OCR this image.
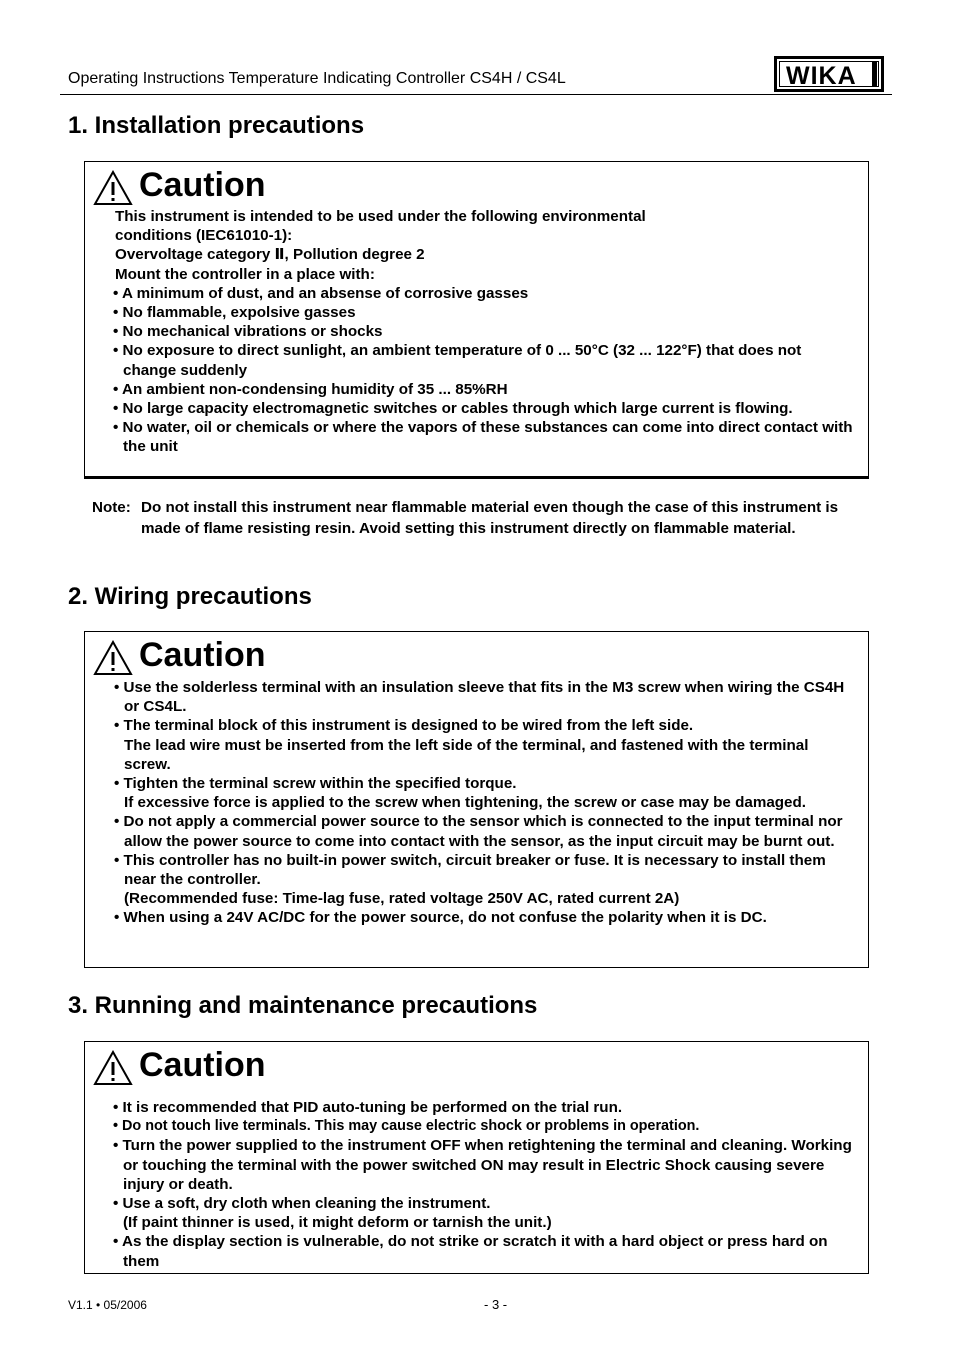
Operating Instructions Temperature Indicating Controller CS4H / CS4L	WIKA
1. Installation precautions
Caution
This instrument is intended to be used under the following environmental
conditions (IEC61010-1):
Overvoltage category Ⅱ, Pollution degree 2
Mount the controller in a place with:
• A minimum of dust, and an absense of corrosive gasses
• No flammable, expolsive gasses
• No mechanical vibrations or shocks
• No exposure to direct sunlight, an ambient temperature of 0 ... 50°C (32 ... 122°F) that does not change suddenly
• An ambient non-condensing humidity of 35 ... 85%RH
• No large capacity electromagnetic switches or cables through which large current is flowing.
• No water, oil or chemicals or where the vapors of these substances can come into direct contact with the unit
Note: Do not install this instrument near flammable material even though the case of this instrument is made of flame resisting resin. Avoid setting this instrument directly on flammable material.
2. Wiring precautions
Caution
• Use the solderless terminal with an insulation sleeve that fits in the M3 screw when wiring the CS4H or CS4L.
• The terminal block of this instrument is designed to be wired from the left side.
The lead wire must be inserted from the left side of the terminal, and fastened with the terminal screw.
• Tighten the terminal screw within the specified torque.
If excessive force is applied to the screw when tightening, the screw or case may be damaged.
• Do not apply a commercial power source to the sensor which is connected to the input terminal nor allow the power source to come into contact with the sensor, as the input circuit may be burnt out.
• This controller has no built-in power switch, circuit breaker or fuse. It is necessary to install them near the controller.
(Recommended fuse: Time-lag fuse, rated voltage 250V AC, rated current 2A)
• When using a 24V AC/DC for the power source, do not confuse the polarity when it is DC.
3. Running and maintenance precautions
Caution
• It is recommended that PID auto-tuning be performed on the trial run.
• Do not touch live terminals. This may cause electric shock or problems in operation.
• Turn the power supplied to the instrument OFF when retightening the terminal and cleaning. Working or touching the terminal with the power switched ON may result in Electric Shock causing severe injury or death.
• Use a soft, dry cloth when cleaning the instrument.
(If paint thinner is used, it might deform or tarnish the unit.)
• As the display section is vulnerable, do not strike or scratch it with a hard object or press hard on them
V1.1 • 05/2006	- 3 -
